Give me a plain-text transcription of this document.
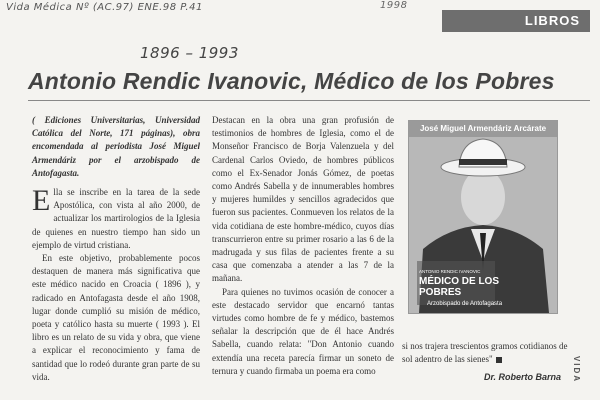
Vida Médica Nº (AC.97) ENE.98 P.41	1998
1896 – 1993
LIBROS
Antonio Rendic Ivanovic, Médico de los Pobres

( Ediciones Universitarias, Universidad Católica del Norte, 171 páginas), obra encomendada al periodista José Miguel Armendáriz por el arzobispado de Antofagasta.

Ella se inscribe en la tarea de la sede Apostólica, con vista al año 2000, de actualizar los martirologios de la Iglesia de quienes en nuestro tiempo han sido un ejemplo de virtud cristiana.

En este objetivo, probablemente pocos destaquen de manera más significativa que este médico nacido en Croacia ( 1896 ), y radicado en Antofagasta desde el año 1908, lugar donde cumplió su misión de médico, poeta y católico hasta su muerte ( 1993 ). El libro es un relato de su vida y obra, que viene a explicar el reconocimiento y fama de santidad que lo rodeó durante gran parte de su vida.

Destacan en la obra una gran profusión de testimonios de hombres de Iglesia, como el de Monseñor Francisco de Borja Valenzuela y del Cardenal Carlos Oviedo, de hombres públicos como el Ex-Senador Jonás Gómez, de poetas como Andrés Sabella y de innumerables hombres y mujeres humildes y sencillos agradecidos que fueron sus pacientes. Conmueven los relatos de la vida cotidiana de este hombre-médico, cuyos días transcurrieron entre su primer rosario a las 6 de la madrugada y sus filas de pacientes frente a su casa que comenzaba a atender a las 7 de la mañana.

Para quienes no tuvimos ocasión de conocer a este destacado servidor que encarnó tantas virtudes como hombre de fe y médico, bastemos señalar la descripción que de él hace Andrés Sabella, cuando relata: "Don Antonio cuando extendía una receta parecía firmar un soneto de ternura y cuando firmaba un poema era como

José Miguel Armendáriz Arcárate
ANTONIO RENDIC IVANOVIC
MÉDICO DE LOS POBRES
Arzobispado de Antofagasta
si nos trajera trescientos gramos cotidianos de sol adentro de las sienes"
Dr. Roberto Barna VIDA
